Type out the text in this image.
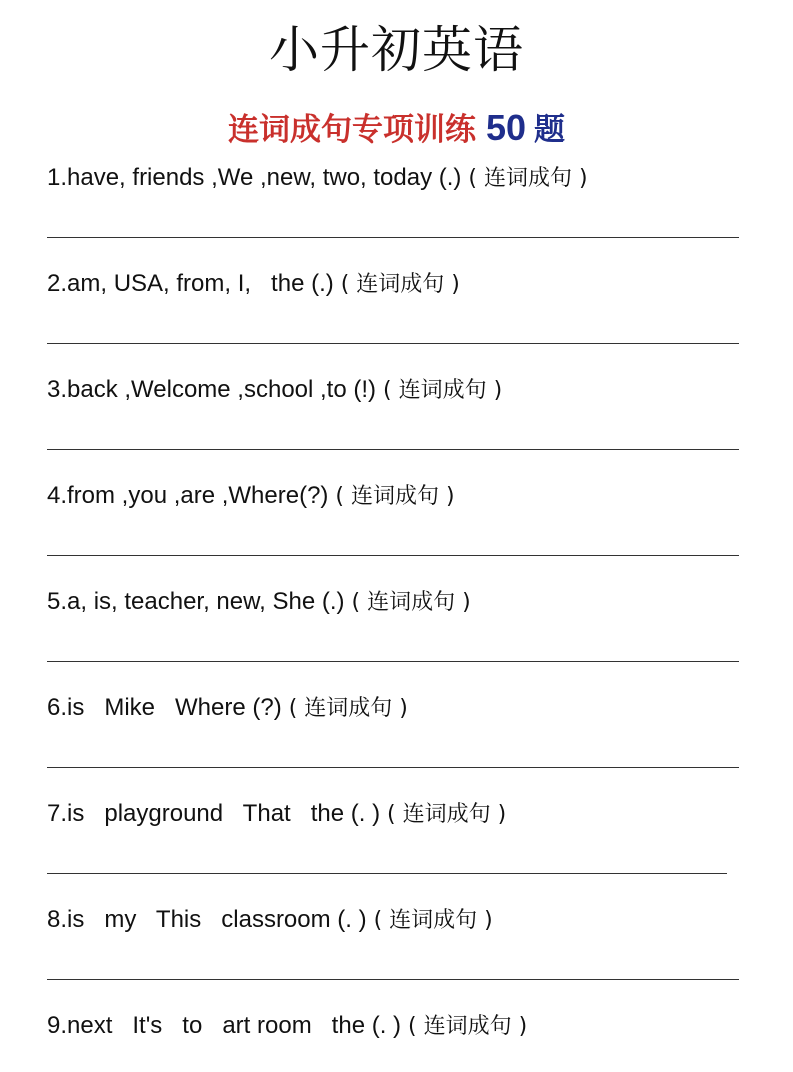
小升初英语
连词成句专项训练 50 题
1.have, friends ,We ,new, two, today (.) ( 连词成句 )
2.am, USA, from, I,   the (.) ( 连词成句 )
3.back ,Welcome ,school ,to (!) ( 连词成句 )
4.from ,you ,are ,Where(?) ( 连词成句 )
5.a, is, teacher, new, She (.) ( 连词成句 )
6.is   Mike   Where (?) ( 连词成句 )
7.is   playground   That   the (. ) ( 连词成句 )
8.is   my   This   classroom (. ) ( 连词成句 )
9.next   It's   to   art room   the (. ) ( 连词成句 )
